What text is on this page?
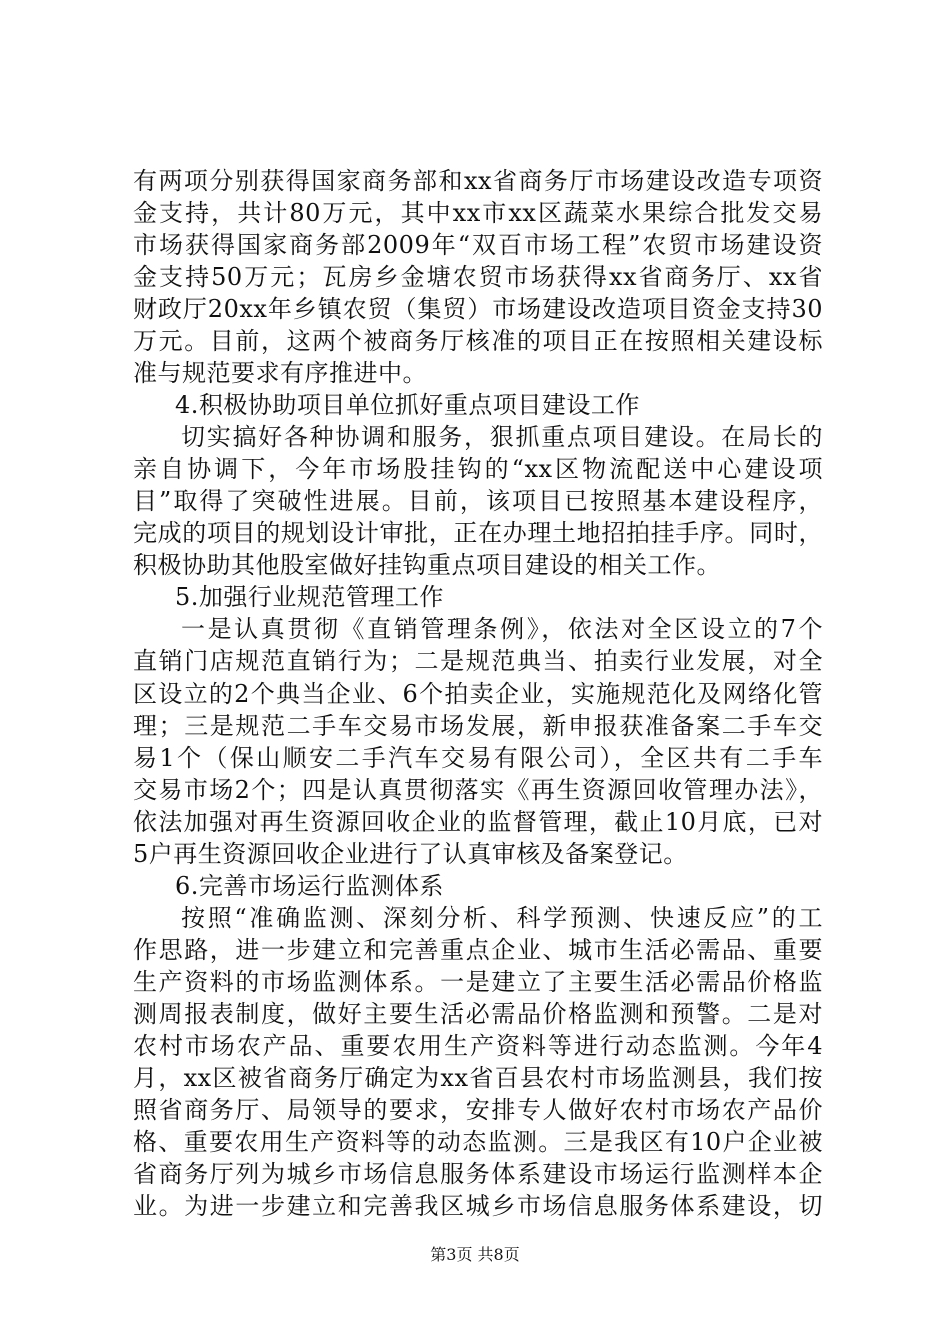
有两项分别获得国家商务部和xx省商务厅市场建设改造专项资
金支持，共计80万元，其中xx市xx区蔬菜水果综合批发交易
市场获得国家商务部2009年“双百市场工程”农贸市场建设资
金支持50万元；瓦房乡金塘农贸市场获得xx省商务厅、xx省
财政厅20xx年乡镇农贸（集贸）市场建设改造项目资金支持30
万元。目前，这两个被商务厅核准的项目正在按照相关建设标
准与规范要求有序推进中。
4.积极协助项目单位抓好重点项目建设工作
切实搞好各种协调和服务，狠抓重点项目建设。在局长的
亲自协调下，今年市场股挂钩的“xx区物流配送中心建设项
目”取得了突破性进展。目前，该项目已按照基本建设程序，
完成的项目的规划设计审批，正在办理土地招拍挂手序。同时，
积极协助其他股室做好挂钩重点项目建设的相关工作。
5.加强行业规范管理工作
一是认真贯彻《直销管理条例》，依法对全区设立的7个
直销门店规范直销行为；二是规范典当、拍卖行业发展，对全
区设立的2个典当企业、6个拍卖企业，实施规范化及网络化管
理；三是规范二手车交易市场发展，新申报获准备案二手车交
易1个（保山顺安二手汽车交易有限公司），全区共有二手车
交易市场2个；四是认真贯彻落实《再生资源回收管理办法》，
依法加强对再生资源回收企业的监督管理，截止10月底，已对
5户再生资源回收企业进行了认真审核及备案登记。
6.完善市场运行监测体系
按照“准确监测、深刻分析、科学预测、快速反应”的工
作思路，进一步建立和完善重点企业、城市生活必需品、重要
生产资料的市场监测体系。一是建立了主要生活必需品价格监
测周报表制度，做好主要生活必需品价格监测和预警。二是对
农村市场农产品、重要农用生产资料等进行动态监测。今年4
月，xx区被省商务厅确定为xx省百县农村市场监测县，我们按
照省商务厅、局领导的要求，安排专人做好农村市场农产品价
格、重要农用生产资料等的动态监测。三是我区有10户企业被
省商务厅列为城乡市场信息服务体系建设市场运行监测样本企
业。为进一步建立和完善我区城乡市场信息服务体系建设，切
第3页 共8页
